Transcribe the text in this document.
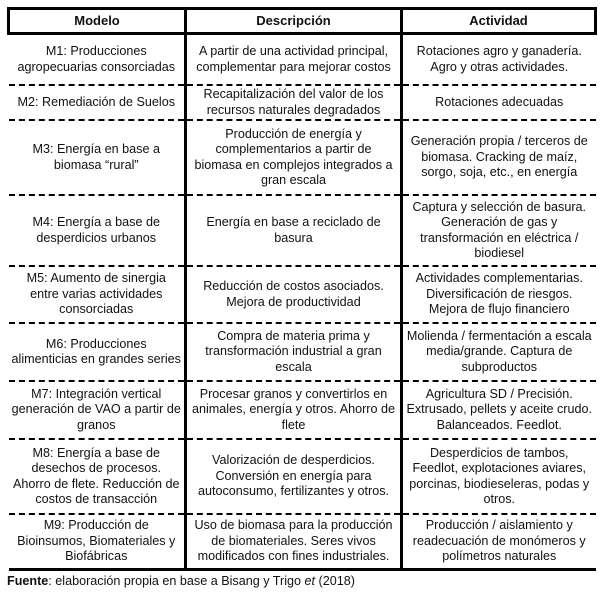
Modelo	Descripción	Actividad
M1: Producciones agropecuarias consorciadas	A partir de una actividad principal, complementar para mejorar costos	Rotaciones agro y ganadería. Agro y otras actividades.
M2: Remediación de Suelos	Recapitalización del valor de los recursos naturales degradados	Rotaciones adecuadas
M3: Energía en base a biomasa “rural”	Producción de energía y complementarios a partir de biomasa en complejos integrados a gran escala	Generación propia / terceros de biomasa. Cracking de maíz, sorgo, soja, etc., en energía
M4: Energía a base de desperdicios urbanos	Energía en base a reciclado de basura	Captura y selección de basura. Generación de gas y transformación en eléctrica / biodiesel
M5: Aumento de sinergia entre varias actividades consorciadas	Reducción de costos asociados. Mejora de productividad	Actividades complementarias. Diversificación de riesgos. Mejora de flujo financiero
M6: Producciones alimenticias en grandes series	Compra de materia prima y transformación industrial a gran escala	Molienda / fermentación a escala media/grande. Captura de subproductos
M7: Integración vertical generación de VAO a partir de granos	Procesar granos y convertirlos en animales, energía y otros. Ahorro de flete	Agricultura SD / Precisión. Extrusado, pellets y aceite crudo. Balanceados. Feedlot.
M8: Energía a base de desechos de procesos. Ahorro de flete. Reducción de costos de transacción	Valorización de desperdicios. Conversión en energía para autoconsumo, fertilizantes y otros.	Desperdicios de tambos, Feedlot, explotaciones aviares, porcinas, biodieseleras, podas y otros.
M9: Producción de Bioinsumos, Biomateriales y Biofábricas	Uso de biomasa para la producción de biomateriales. Seres vivos modificados con fines industriales.	Producción / aislamiento y readecuación de monómeros y polímetros naturales
Fuente: elaboración propia en base a Bisang y Trigo et (2018)
